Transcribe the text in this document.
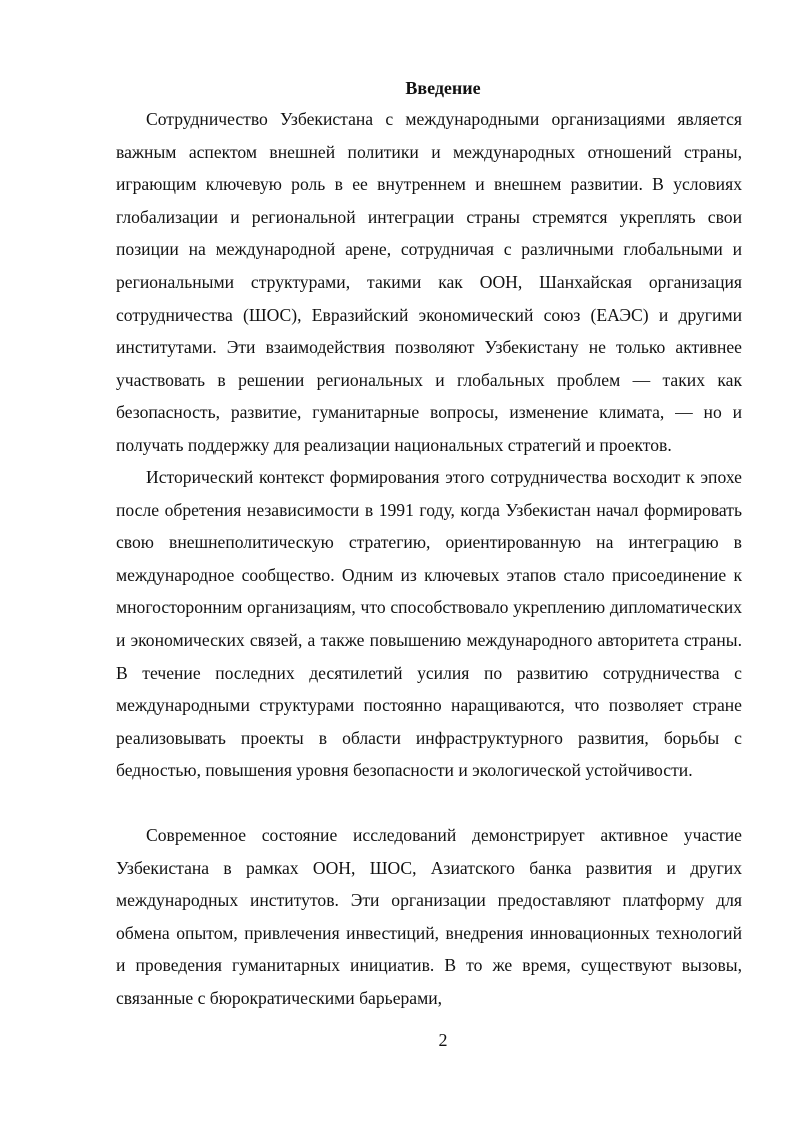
Введение

Сотрудничество Узбекистана с международными организациями является важным аспектом внешней политики и международных отношений страны, играющим ключевую роль в ее внутреннем и внешнем развитии. В условиях глобализации и региональной интеграции страны стремятся укреплять свои позиции на международной арене, сотрудничая с различными глобальными и региональными структурами, такими как ООН, Шанхайская организация сотрудничества (ШОС), Евразийский экономический союз (ЕАЭС) и другими институтами. Эти взаимодействия позволяют Узбекистану не только активнее участвовать в решении региональных и глобальных проблем — таких как безопасность, развитие, гуманитарные вопросы, изменение климата, — но и получать поддержку для реализации национальных стратегий и проектов.

Исторический контекст формирования этого сотрудничества восходит к эпохе после обретения независимости в 1991 году, когда Узбекистан начал формировать свою внешнеполитическую стратегию, ориентированную на интеграцию в международное сообщество. Одним из ключевых этапов стало присоединение к многосторонним организациям, что способствовало укреплению дипломатических и экономических связей, а также повышению международного авторитета страны. В течение последних десятилетий усилия по развитию сотрудничества с международными структурами постоянно наращиваются, что позволяет стране реализовывать проекты в области инфраструктурного развития, борьбы с бедностью, повышения уровня безопасности и экологической устойчивости.

Современное состояние исследований демонстрирует активное участие Узбекистана в рамках ООН, ШОС, Азиатского банка развития и других международных институтов. Эти организации предоставляют платформу для обмена опытом, привлечения инвестиций, внедрения инновационных технологий и проведения гуманитарных инициатив. В то же время, существуют вызовы, связанные с бюрократическими барьерами,

2
